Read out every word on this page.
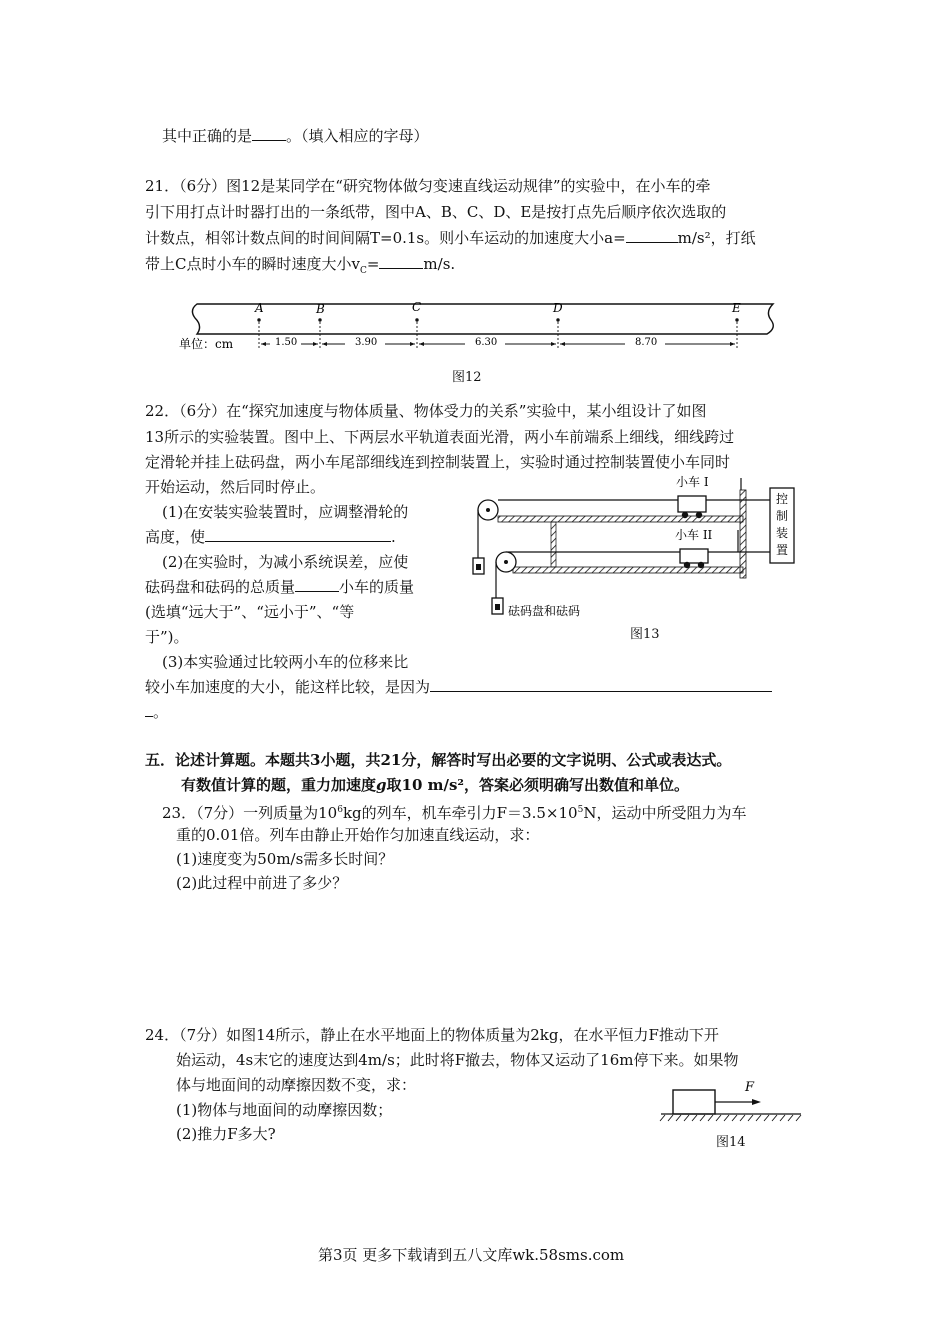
其中正确的是 。（填入相应的字母）
21．（6分）图12是某同学在“研究物体做匀变速直线运动规律”的实验中，在小车的牵
引下用打点计时器打出的一条纸带，图中A、B、C、D、E是按打点先后顺序依次选取的
计数点，相邻计数点间的时间间隔T=0.1s。则小车运动的加速度大小a=	m/s²，打纸
带上C点时小车的瞬时速度大小$v_C=$	m/s.
A	B	C	D	E
单位：cm	1.50	3.90	6.30	8.70
图12
22．（6分）在“探究加速度与物体质量、物体受力的关系”实验中，某小组设计了如图
13所示的实验装置。图中上、下两层水平轨道表面光滑，两小车前端系上细线，细线跨过
定滑轮并挂上砝码盘，两小车尾部细线连到控制装置上，实验时通过控制装置使小车同时
开始运动，然后同时停止。
(1)在安装实验装置时，应调整滑轮的
高度，使	.
(2)在实验时，为减小系统误差，应使
砝码盘和砝码的总质量	小车的质量
(选填“远大于”、“远小于”、“等
于”)。
(3)本实验通过比较两小车的位移来比
较小车加速度的大小，能这样比较，是因为
。
小车 I
小车 II
砝码盘和砝码
控
制
装
置
图13
五．论述计算题。本题共3小题，共21分，解答时写出必要的文字说明、公式或表达式。
有数值计算的题，重力加速度g取10 m/s²，答案必须明确写出数值和单位。
23．（7分）一列质量为$10^6kg$的列车，机车牵引力$F=3.5\times 10^5N$，运动中所受阻力为车
重的0.01倍。列车由静止开始作匀加速直线运动，求：
(1)速度变为50m/s需多长时间？
(2)此过程中前进了多少？
24．（7分）如图14所示，静止在水平地面上的物体质量为2kg，在水平恒力F推动下开
始运动，4s末它的速度达到4m/s；此时将F撤去，物体又运动了16m停下来。如果物
体与地面间的动摩擦因数不变，求：
(1)物体与地面间的动摩擦因数；
(2)推力F多大?
F
图14
第3页 更多下载请到五八文库wk.58sms.com
